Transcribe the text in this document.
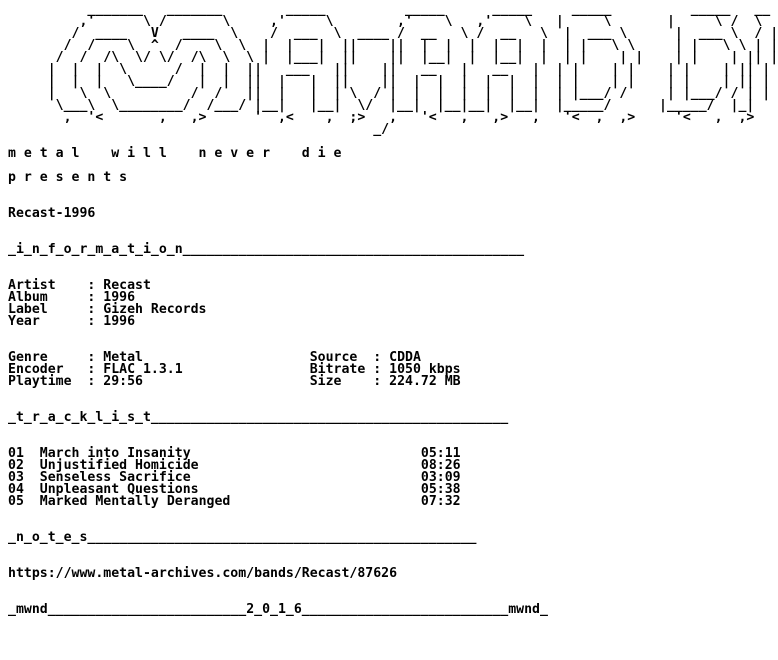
_______   _______        _____          _____      _____     _____          _____   __
,'      \ /       \     ,'     \        ,'    \   ,'    \   |     \       |     \ /  \
/  ____   V   ____  \    /  ___  \  ____ /  __   \ /  __   \  |  ___ \      |  ___ \  / |
/  /    \  ^  /    \  \  |  |   |  ||    ||  |  |  |  |  |  |  | |   \ \     | |   \ \ | |
/  /  /\  \/ \/  /\  \  \ |  |___|  ||    ||  |__|  |  |__|  |  | |    | |    | |    | || |
|  |  |  \      /  |  |  ||   ___   ||    ||   __   |   __   |  | |    | |    | |    | || |
|  |  |   \____/   |  |  ||  |   |  ||    ||  |  |  |  |  |  |  | |    | |    | |    | || |
|   \  \          /  /   ||  |   |  | \  / |  |  |  |  |  |  |  | |___/ /     | |___/ / | |
\___\  \________/  /___/ |__|   |__|  \/  |__|  |__|__|  |__|  |_____/      |_____/  |_|
,  '<       ,   ,>      '  ,<    ,  ;>   ,   '<   ,   ,>   ,   '<  ,  ,>     '<   ,  ,>
_/

m e t a l    w i l l    n e v e r    d i e

p r e s e n t s

Recast-1996

_i_n_f_o_r_m_a_t_i_o_n___________________________________________

Artist    : Recast
Album     : 1996
Label     : Gizeh Records
Year      : 1996

Genre     : Metal	Source  : CDDA
Encoder   : FLAC 1.3.1	Bitrate : 1050 kbps
Playtime  : 29:56	Size    : 224.72 MB

_t_r_a_c_k_l_i_s_t_____________________________________________

01 March into Insanity	05:11
02 Unjustified Homicide	08:26
03 Senseless Sacrifice	03:09
04 Unpleasant Questions	05:38
05 Marked Mentally Deranged	07:32

_n_o_t_e_s_________________________________________________

https://www.metal-archives.com/bands/Recast/87626

_mwnd_________________________2_0_1_6__________________________mwnd_
